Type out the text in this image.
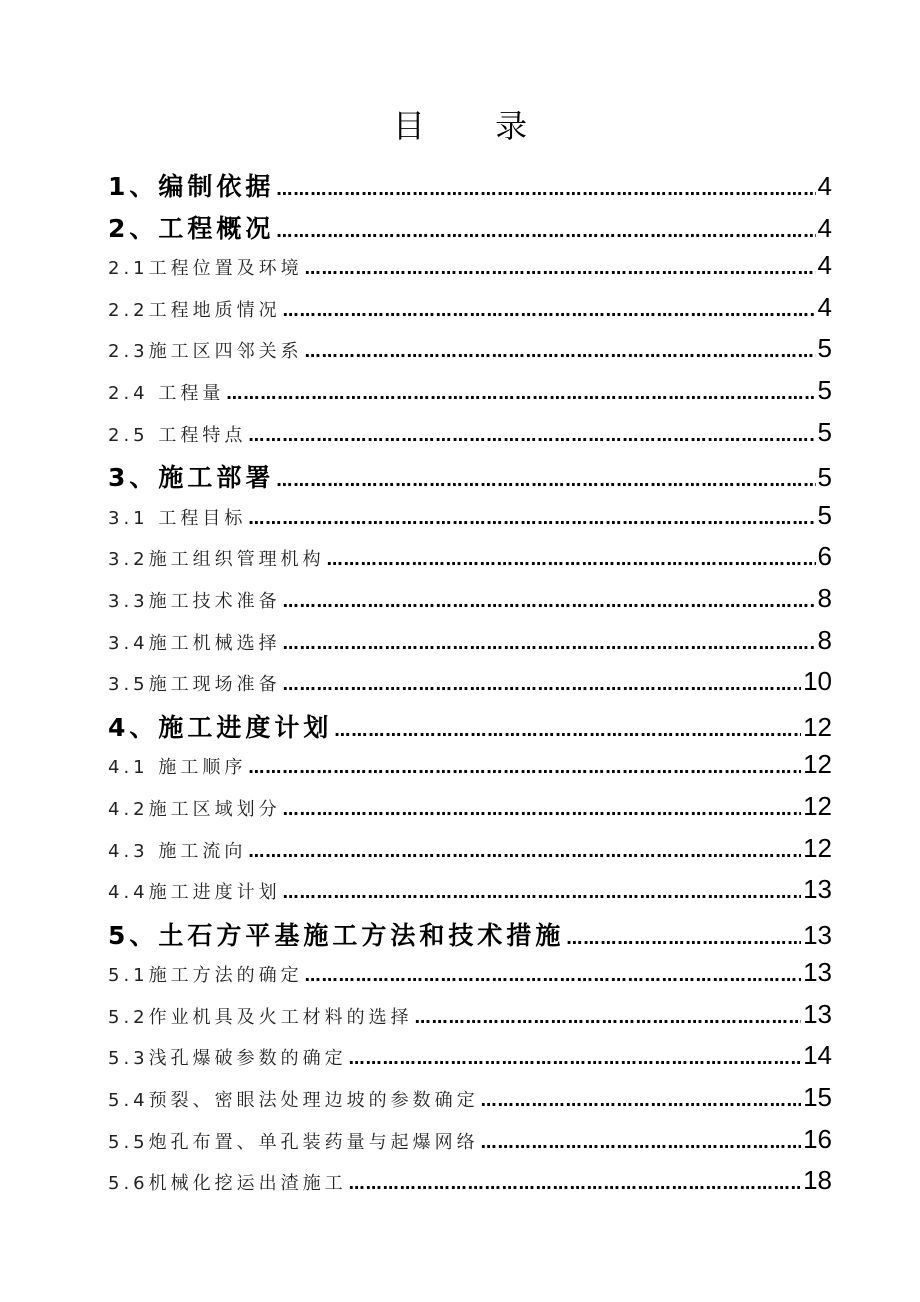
目 录
1、编制依据 ……………………………………………………………………………………………………………………………………………………………………	4
2、工程概况 ……………………………………………………………………………………………………………………………………………………………………	4
2.1工程位置及环境 ……………………………………………………………………………………………………………………………………………………………………	4
2.2工程地质情况 ……………………………………………………………………………………………………………………………………………………………………	4
2.3施工区四邻关系 ……………………………………………………………………………………………………………………………………………………………………	5
2.4 工程量 ……………………………………………………………………………………………………………………………………………………………………	5
2.5 工程特点 ……………………………………………………………………………………………………………………………………………………………………	5
3、施工部署 ……………………………………………………………………………………………………………………………………………………………………	5
3.1 工程目标 ……………………………………………………………………………………………………………………………………………………………………	5
3.2施工组织管理机构 ……………………………………………………………………………………………………………………………………………………………………	6
3.3施工技术准备 ……………………………………………………………………………………………………………………………………………………………………	8
3.4施工机械选择 ……………………………………………………………………………………………………………………………………………………………………	8
3.5施工现场准备 ……………………………………………………………………………………………………………………………………………………………………	10
4、施工进度计划 ……………………………………………………………………………………………………………………………………………………………………	12
4.1 施工顺序 ……………………………………………………………………………………………………………………………………………………………………	12
4.2施工区域划分 ……………………………………………………………………………………………………………………………………………………………………	12
4.3 施工流向 ……………………………………………………………………………………………………………………………………………………………………	12
4.4施工进度计划 ……………………………………………………………………………………………………………………………………………………………………	13
5、土石方平基施工方法和技术措施 ……………………………………………………………………………………………………………………………………………………………………	13
5.1施工方法的确定 ……………………………………………………………………………………………………………………………………………………………………	13
5.2作业机具及火工材料的选择 ……………………………………………………………………………………………………………………………………………………………………	13
5.3浅孔爆破参数的确定 ……………………………………………………………………………………………………………………………………………………………………	14
5.4预裂、密眼法处理边坡的参数确定 ……………………………………………………………………………………………………………………………………………………………………	15
5.5炮孔布置、单孔装药量与起爆网络 ……………………………………………………………………………………………………………………………………………………………………	16
5.6机械化挖运出渣施工 ……………………………………………………………………………………………………………………………………………………………………	18
